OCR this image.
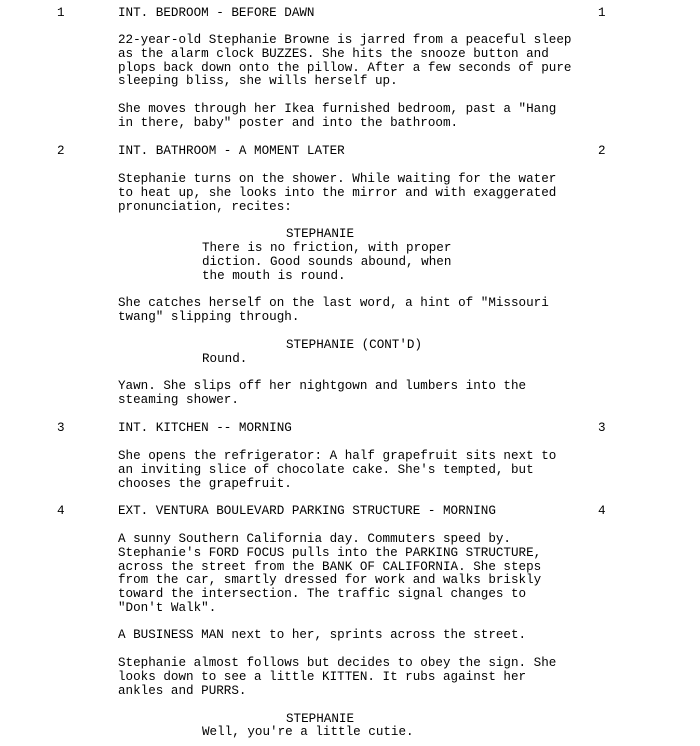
1	INT. BEDROOM - BEFORE DAWN	1
22-year-old Stephanie Browne is jarred from a peaceful sleep
as the alarm clock BUZZES. She hits the snooze button and
plops back down onto the pillow. After a few seconds of pure
sleeping bliss, she wills herself up.
She moves through her Ikea furnished bedroom, past a "Hang
in there, baby" poster and into the bathroom.
2	INT. BATHROOM - A MOMENT LATER	2
Stephanie turns on the shower. While waiting for the water
to heat up, she looks into the mirror and with exaggerated
pronunciation, recites:
STEPHANIE
There is no friction, with proper
diction. Good sounds abound, when
the mouth is round.
She catches herself on the last word, a hint of "Missouri
twang" slipping through.
STEPHANIE (CONT'D)
Round.
Yawn. She slips off her nightgown and lumbers into the
steaming shower.
3	INT. KITCHEN -- MORNING	3
She opens the refrigerator: A half grapefruit sits next to
an inviting slice of chocolate cake. She's tempted, but
chooses the grapefruit.
4	EXT. VENTURA BOULEVARD PARKING STRUCTURE - MORNING	4
A sunny Southern California day. Commuters speed by.
Stephanie's FORD FOCUS pulls into the PARKING STRUCTURE,
across the street from the BANK OF CALIFORNIA. She steps
from the car, smartly dressed for work and walks briskly
toward the intersection. The traffic signal changes to
"Don't Walk".
A BUSINESS MAN next to her, sprints across the street.
Stephanie almost follows but decides to obey the sign. She
looks down to see a little KITTEN. It rubs against her
ankles and PURRS.
STEPHANIE
Well, you're a little cutie.
